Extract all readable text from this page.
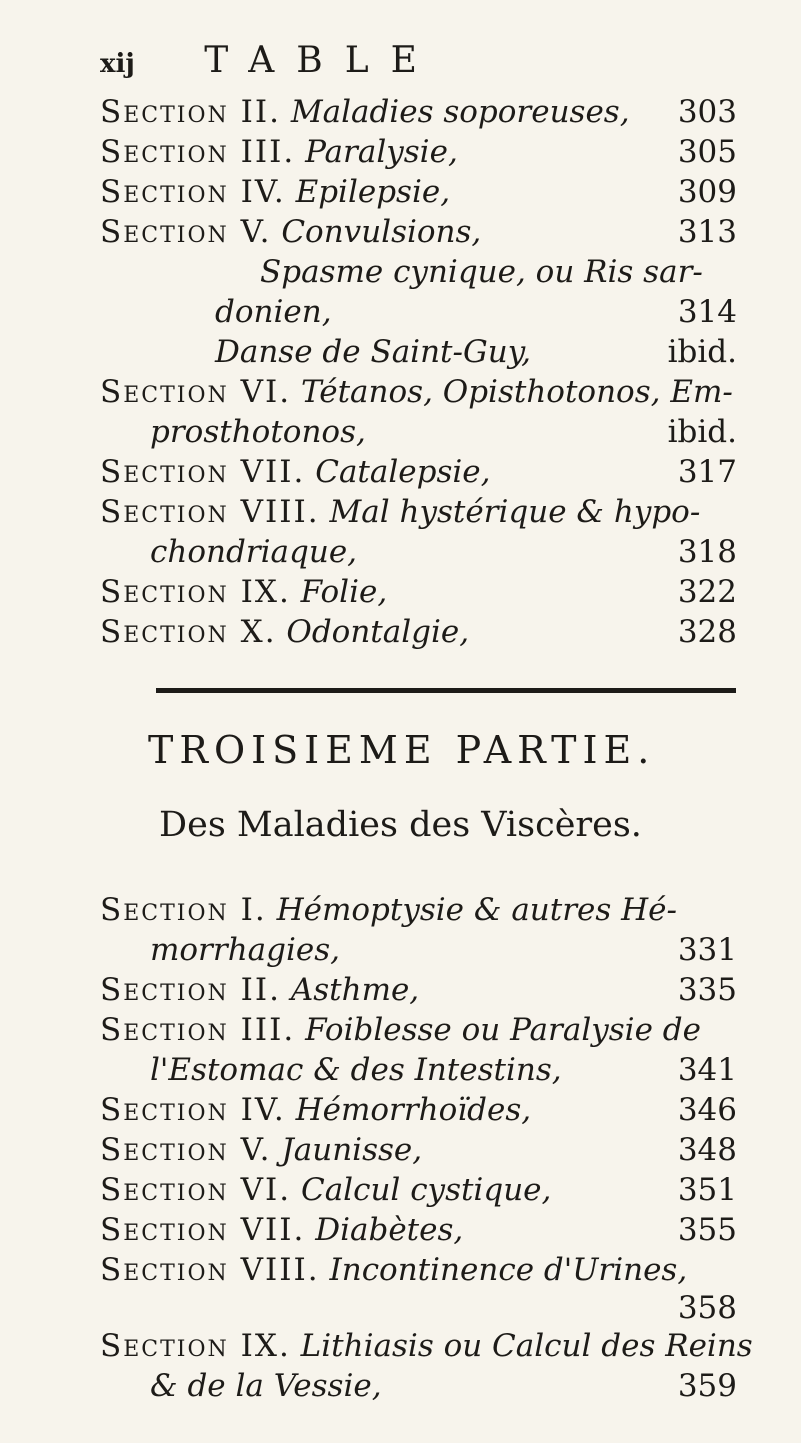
xij TABLE
Section II. Maladies soporeuses, 303
Section III. Paralysie,	305
Section IV. Epilepsie,	309
Section V. Convulsions,	313
Spasme cynique, ou Ris sar-
donien,	314
Danse de Saint-Guy,	ibid.
Section VI. Tétanos, Opisthotonos, Em-
prosthotonos,	ibid.
Section VII. Catalepsie,	317
Section VIII. Mal hystérique & hypo-
chondriaque,	318
Section IX. Folie,	322
Section X. Odontalgie,	328
TROISIEME PARTIE.
Des Maladies des Viscères.
Section I. Hémoptysie & autres Hé-
morrhagies,	331
Section II. Asthme,	335
Section III. Foiblesse ou Paralysie de
l'Estomac & des Intestins,	341
Section IV. Hémorrhoïdes,	346
Section V. Jaunisse,	348
Section VI. Calcul cystique,	351
Section VII. Diabètes,	355
Section VIII. Incontinence d'Urines,
358
Section IX. Lithiasis ou Calcul des Reins
& de la Vessie,	359
